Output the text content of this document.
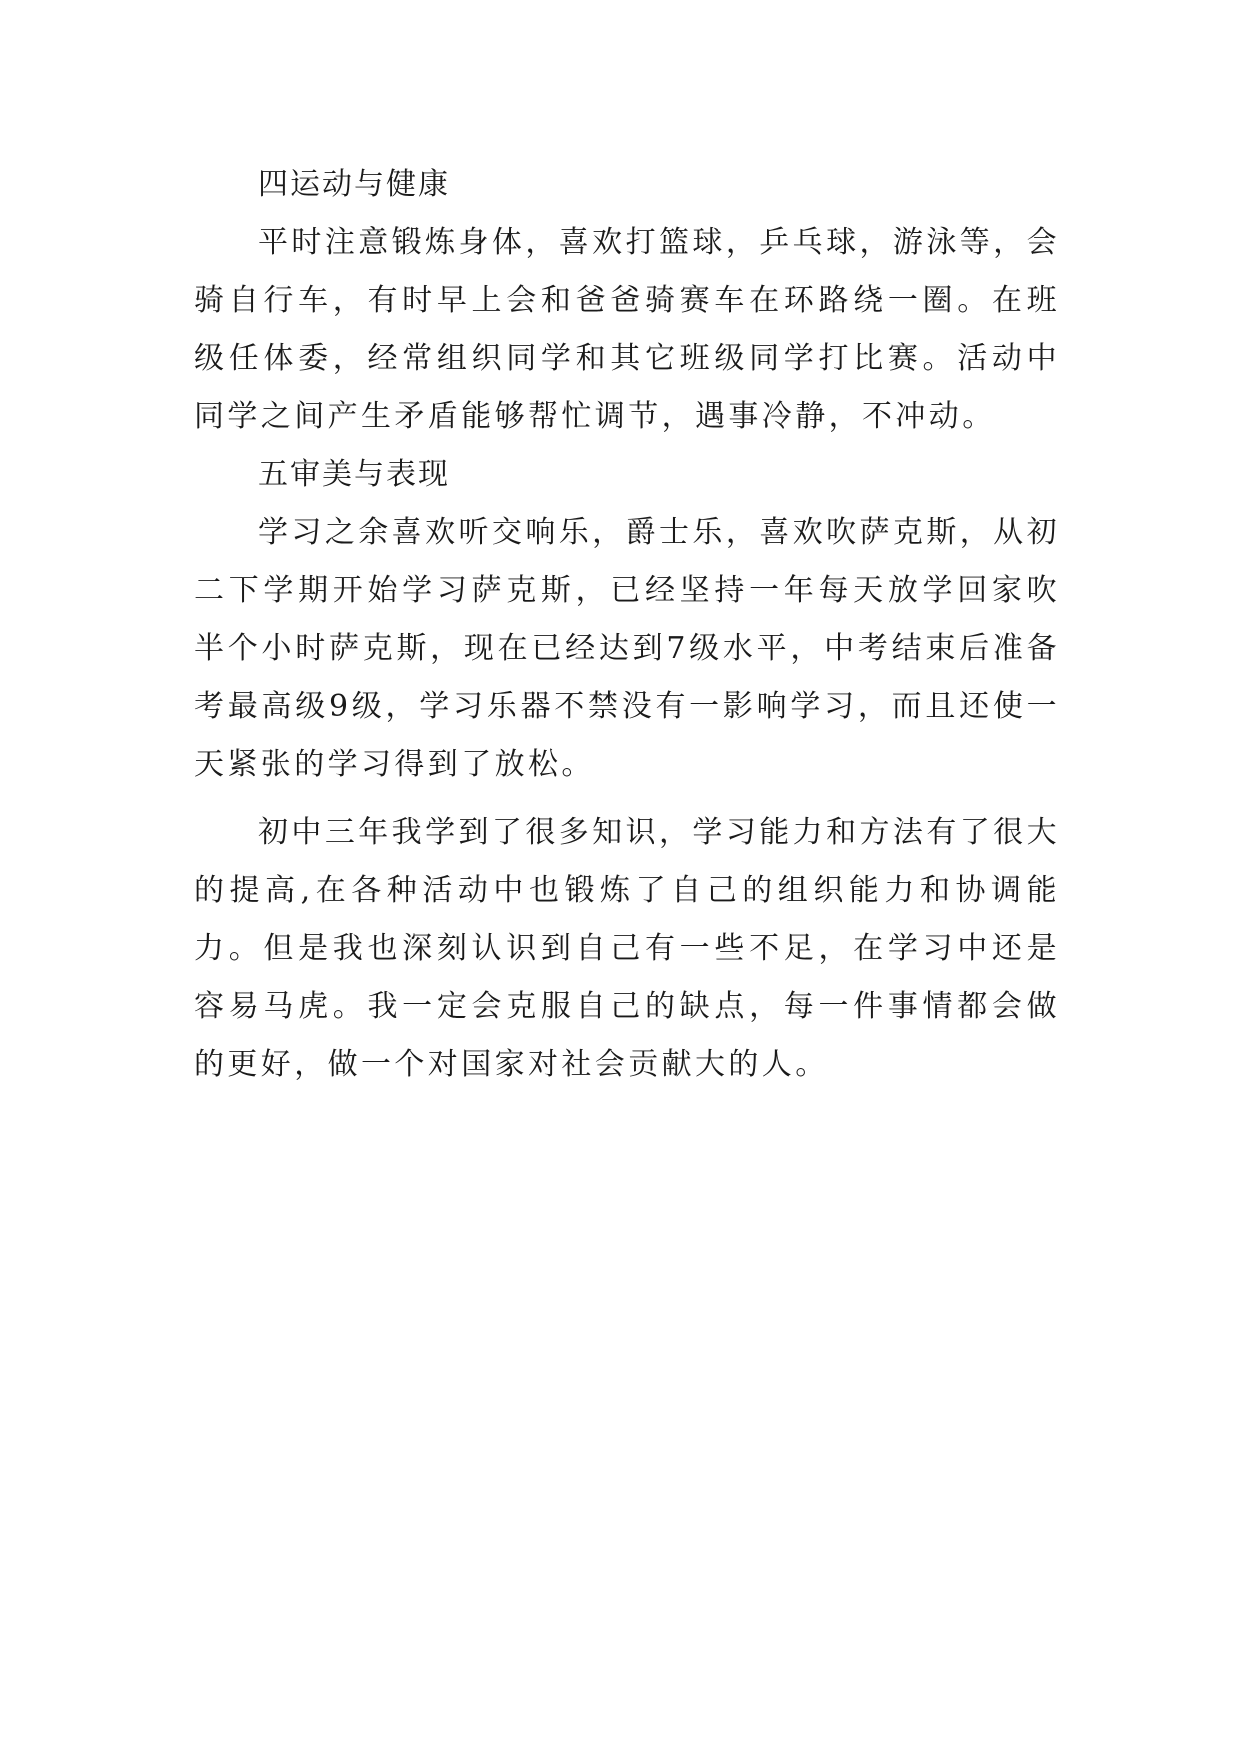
四运动与健康

平时注意锻炼身体，喜欢打篮球，乒乓球，游泳等，会骑自行车，有时早上会和爸爸骑赛车在环路绕一圈。在班级任体委，经常组织同学和其它班级同学打比赛。活动中同学之间产生矛盾能够帮忙调节，遇事冷静，不冲动。

五审美与表现

学习之余喜欢听交响乐，爵士乐，喜欢吹萨克斯，从初二下学期开始学习萨克斯，已经坚持一年每天放学回家吹半个小时萨克斯，现在已经达到7级水平，中考结束后准备考最高级9级，学习乐器不禁没有一影响学习，而且还使一天紧张的学习得到了放松。

初中三年我学到了很多知识，学习能力和方法有了很大的提高,在各种活动中也锻炼了自己的组织能力和协调能力。但是我也深刻认识到自己有一些不足，在学习中还是容易马虎。我一定会克服自己的缺点，每一件事情都会做的更好，做一个对国家对社会贡献大的人。
